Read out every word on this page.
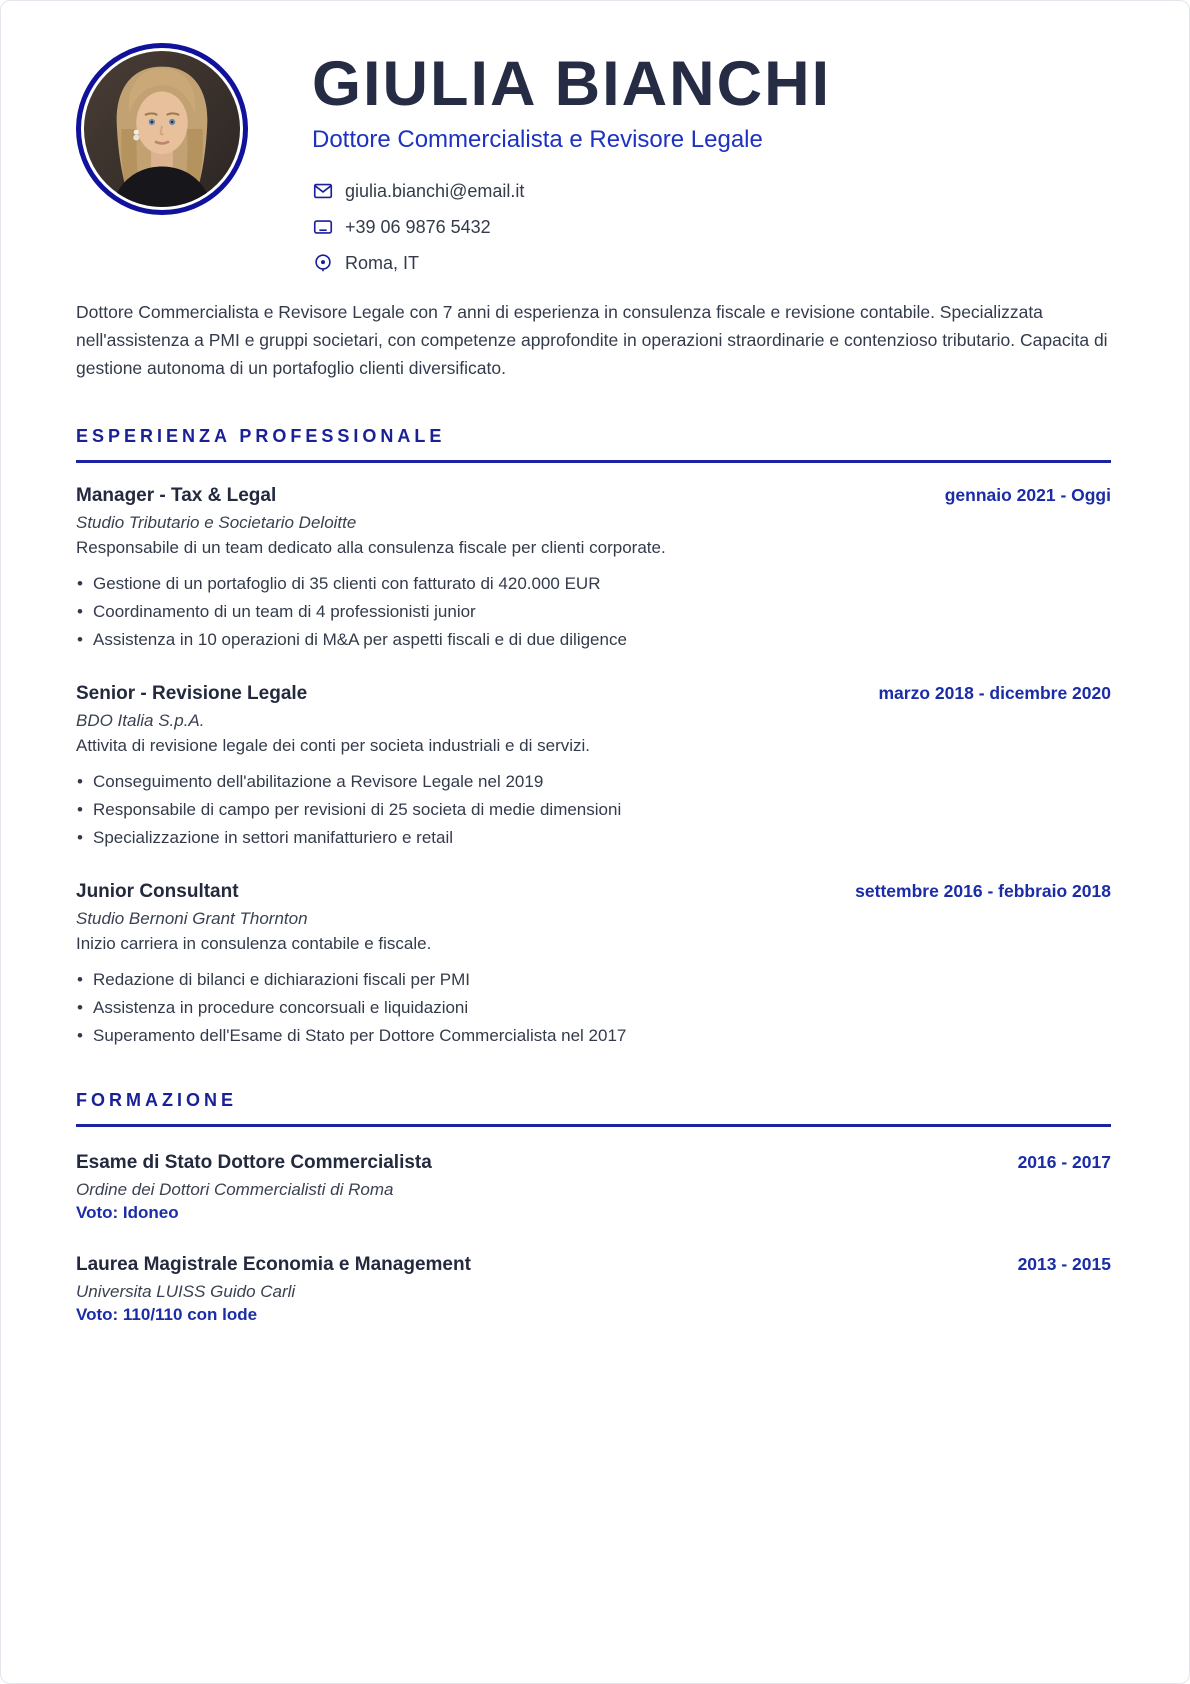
GIULIA BIANCHI
Dottore Commercialista e Revisore Legale
giulia.bianchi@email.it
+39 06 9876 5432
Roma, IT

Dottore Commercialista e Revisore Legale con 7 anni di esperienza in consulenza fiscale e revisione contabile. Specializzata nell'assistenza a PMI e gruppi societari, con competenze approfondite in operazioni straordinarie e contenzioso tributario. Capacita di gestione autonoma di un portafoglio clienti diversificato.

ESPERIENZA PROFESSIONALE
Manager - Tax & Legal	gennaio 2021 - Oggi
Studio Tributario e Societario Deloitte
Responsabile di un team dedicato alla consulenza fiscale per clienti corporate.
• Gestione di un portafoglio di 35 clienti con fatturato di 420.000 EUR
• Coordinamento di un team di 4 professionisti junior
• Assistenza in 10 operazioni di M&A per aspetti fiscali e di due diligence
Senior - Revisione Legale	marzo 2018 - dicembre 2020
BDO Italia S.p.A.
Attivita di revisione legale dei conti per societa industriali e di servizi.
• Conseguimento dell'abilitazione a Revisore Legale nel 2019
• Responsabile di campo per revisioni di 25 societa di medie dimensioni
• Specializzazione in settori manifatturiero e retail
Junior Consultant	settembre 2016 - febbraio 2018
Studio Bernoni Grant Thornton
Inizio carriera in consulenza contabile e fiscale.
• Redazione di bilanci e dichiarazioni fiscali per PMI
• Assistenza in procedure concorsuali e liquidazioni
• Superamento dell'Esame di Stato per Dottore Commercialista nel 2017
FORMAZIONE
Esame di Stato Dottore Commercialista	2016 - 2017
Ordine dei Dottori Commercialisti di Roma
Voto: Idoneo
Laurea Magistrale Economia e Management	2013 - 2015
Universita LUISS Guido Carli
Voto: 110/110 con lode
